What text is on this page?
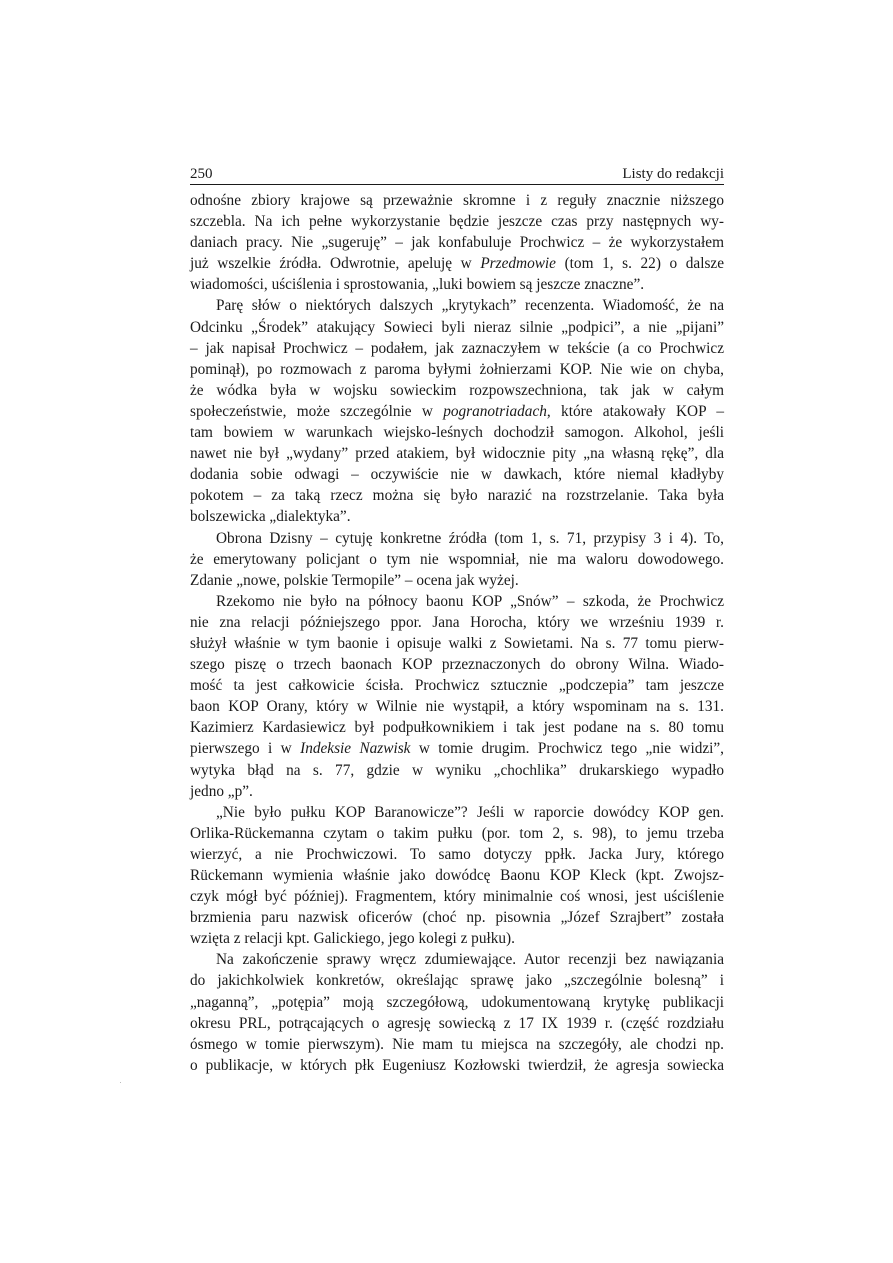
250	Listy do redakcji
odnośne zbiory krajowe są przeważnie skromne i z reguły znacznie niższego
szczebla. Na ich pełne wykorzystanie będzie jeszcze czas przy następnych wy-
daniach pracy. Nie „sugeruję” – jak konfabuluje Prochwicz – że wykorzystałem
już wszelkie źródła. Odwrotnie, apeluję w Przedmowie (tom 1, s. 22) o dalsze
wiadomości, uściślenia i sprostowania, „luki bowiem są jeszcze znaczne”.
Parę słów o niektórych dalszych „krytykach” recenzenta. Wiadomość, że na
Odcinku „Środek” atakujący Sowieci byli nieraz silnie „podpici”, a nie „pijani”
– jak napisał Prochwicz – podałem, jak zaznaczyłem w tekście (a co Prochwicz
pominął), po rozmowach z paroma byłymi żołnierzami KOP. Nie wie on chyba,
że wódka była w wojsku sowieckim rozpowszechniona, tak jak w całym
społeczeństwie, może szczególnie w pogranotriadach, które atakowały KOP –
tam bowiem w warunkach wiejsko-leśnych dochodził samogon. Alkohol, jeśli
nawet nie był „wydany” przed atakiem, był widocznie pity „na własną rękę”, dla
dodania sobie odwagi – oczywiście nie w dawkach, które niemal kładłyby
pokotem – za taką rzecz można się było narazić na rozstrzelanie. Taka była
bolszewicka „dialektyka”.
Obrona Dzisny – cytuję konkretne źródła (tom 1, s. 71, przypisy 3 i 4). To,
że emerytowany policjant o tym nie wspomniał, nie ma waloru dowodowego.
Zdanie „nowe, polskie Termopile” – ocena jak wyżej.
Rzekomo nie było na północy baonu KOP „Snów” – szkoda, że Prochwicz
nie zna relacji późniejszego ppor. Jana Horocha, który we wrześniu 1939 r.
służył właśnie w tym baonie i opisuje walki z Sowietami. Na s. 77 tomu pierw-
szego piszę o trzech baonach KOP przeznaczonych do obrony Wilna. Wiado-
mość ta jest całkowicie ścisła. Prochwicz sztucznie „podczepia” tam jeszcze
baon KOP Orany, który w Wilnie nie wystąpił, a który wspominam na s. 131.
Kazimierz Kardasiewicz był podpułkownikiem i tak jest podane na s. 80 tomu
pierwszego i w Indeksie Nazwisk w tomie drugim. Prochwicz tego „nie widzi”,
wytyka błąd na s. 77, gdzie w wyniku „chochlika” drukarskiego wypadło
jedno „p”.
„Nie było pułku KOP Baranowicze”? Jeśli w raporcie dowódcy KOP gen.
Orlika-Rückemanna czytam o takim pułku (por. tom 2, s. 98), to jemu trzeba
wierzyć, a nie Prochwiczowi. To samo dotyczy ppłk. Jacka Jury, którego
Rückemann wymienia właśnie jako dowódcę Baonu KOP Kleck (kpt. Zwojsz-
czyk mógł być później). Fragmentem, który minimalnie coś wnosi, jest uściślenie
brzmienia paru nazwisk oficerów (choć np. pisownia „Józef Szrajbert” została
wzięta z relacji kpt. Galickiego, jego kolegi z pułku).
Na zakończenie sprawy wręcz zdumiewające. Autor recenzji bez nawiązania
do jakichkolwiek konkretów, określając sprawę jako „szczególnie bolesną” i
„naganną”, „potępia” moją szczegółową, udokumentowaną krytykę publikacji
okresu PRL, potrącających o agresję sowiecką z 17 IX 1939 r. (część rozdziału
ósmego w tomie pierwszym). Nie mam tu miejsca na szczegóły, ale chodzi np.
o publikacje, w których płk Eugeniusz Kozłowski twierdził, że agresja sowiecka
